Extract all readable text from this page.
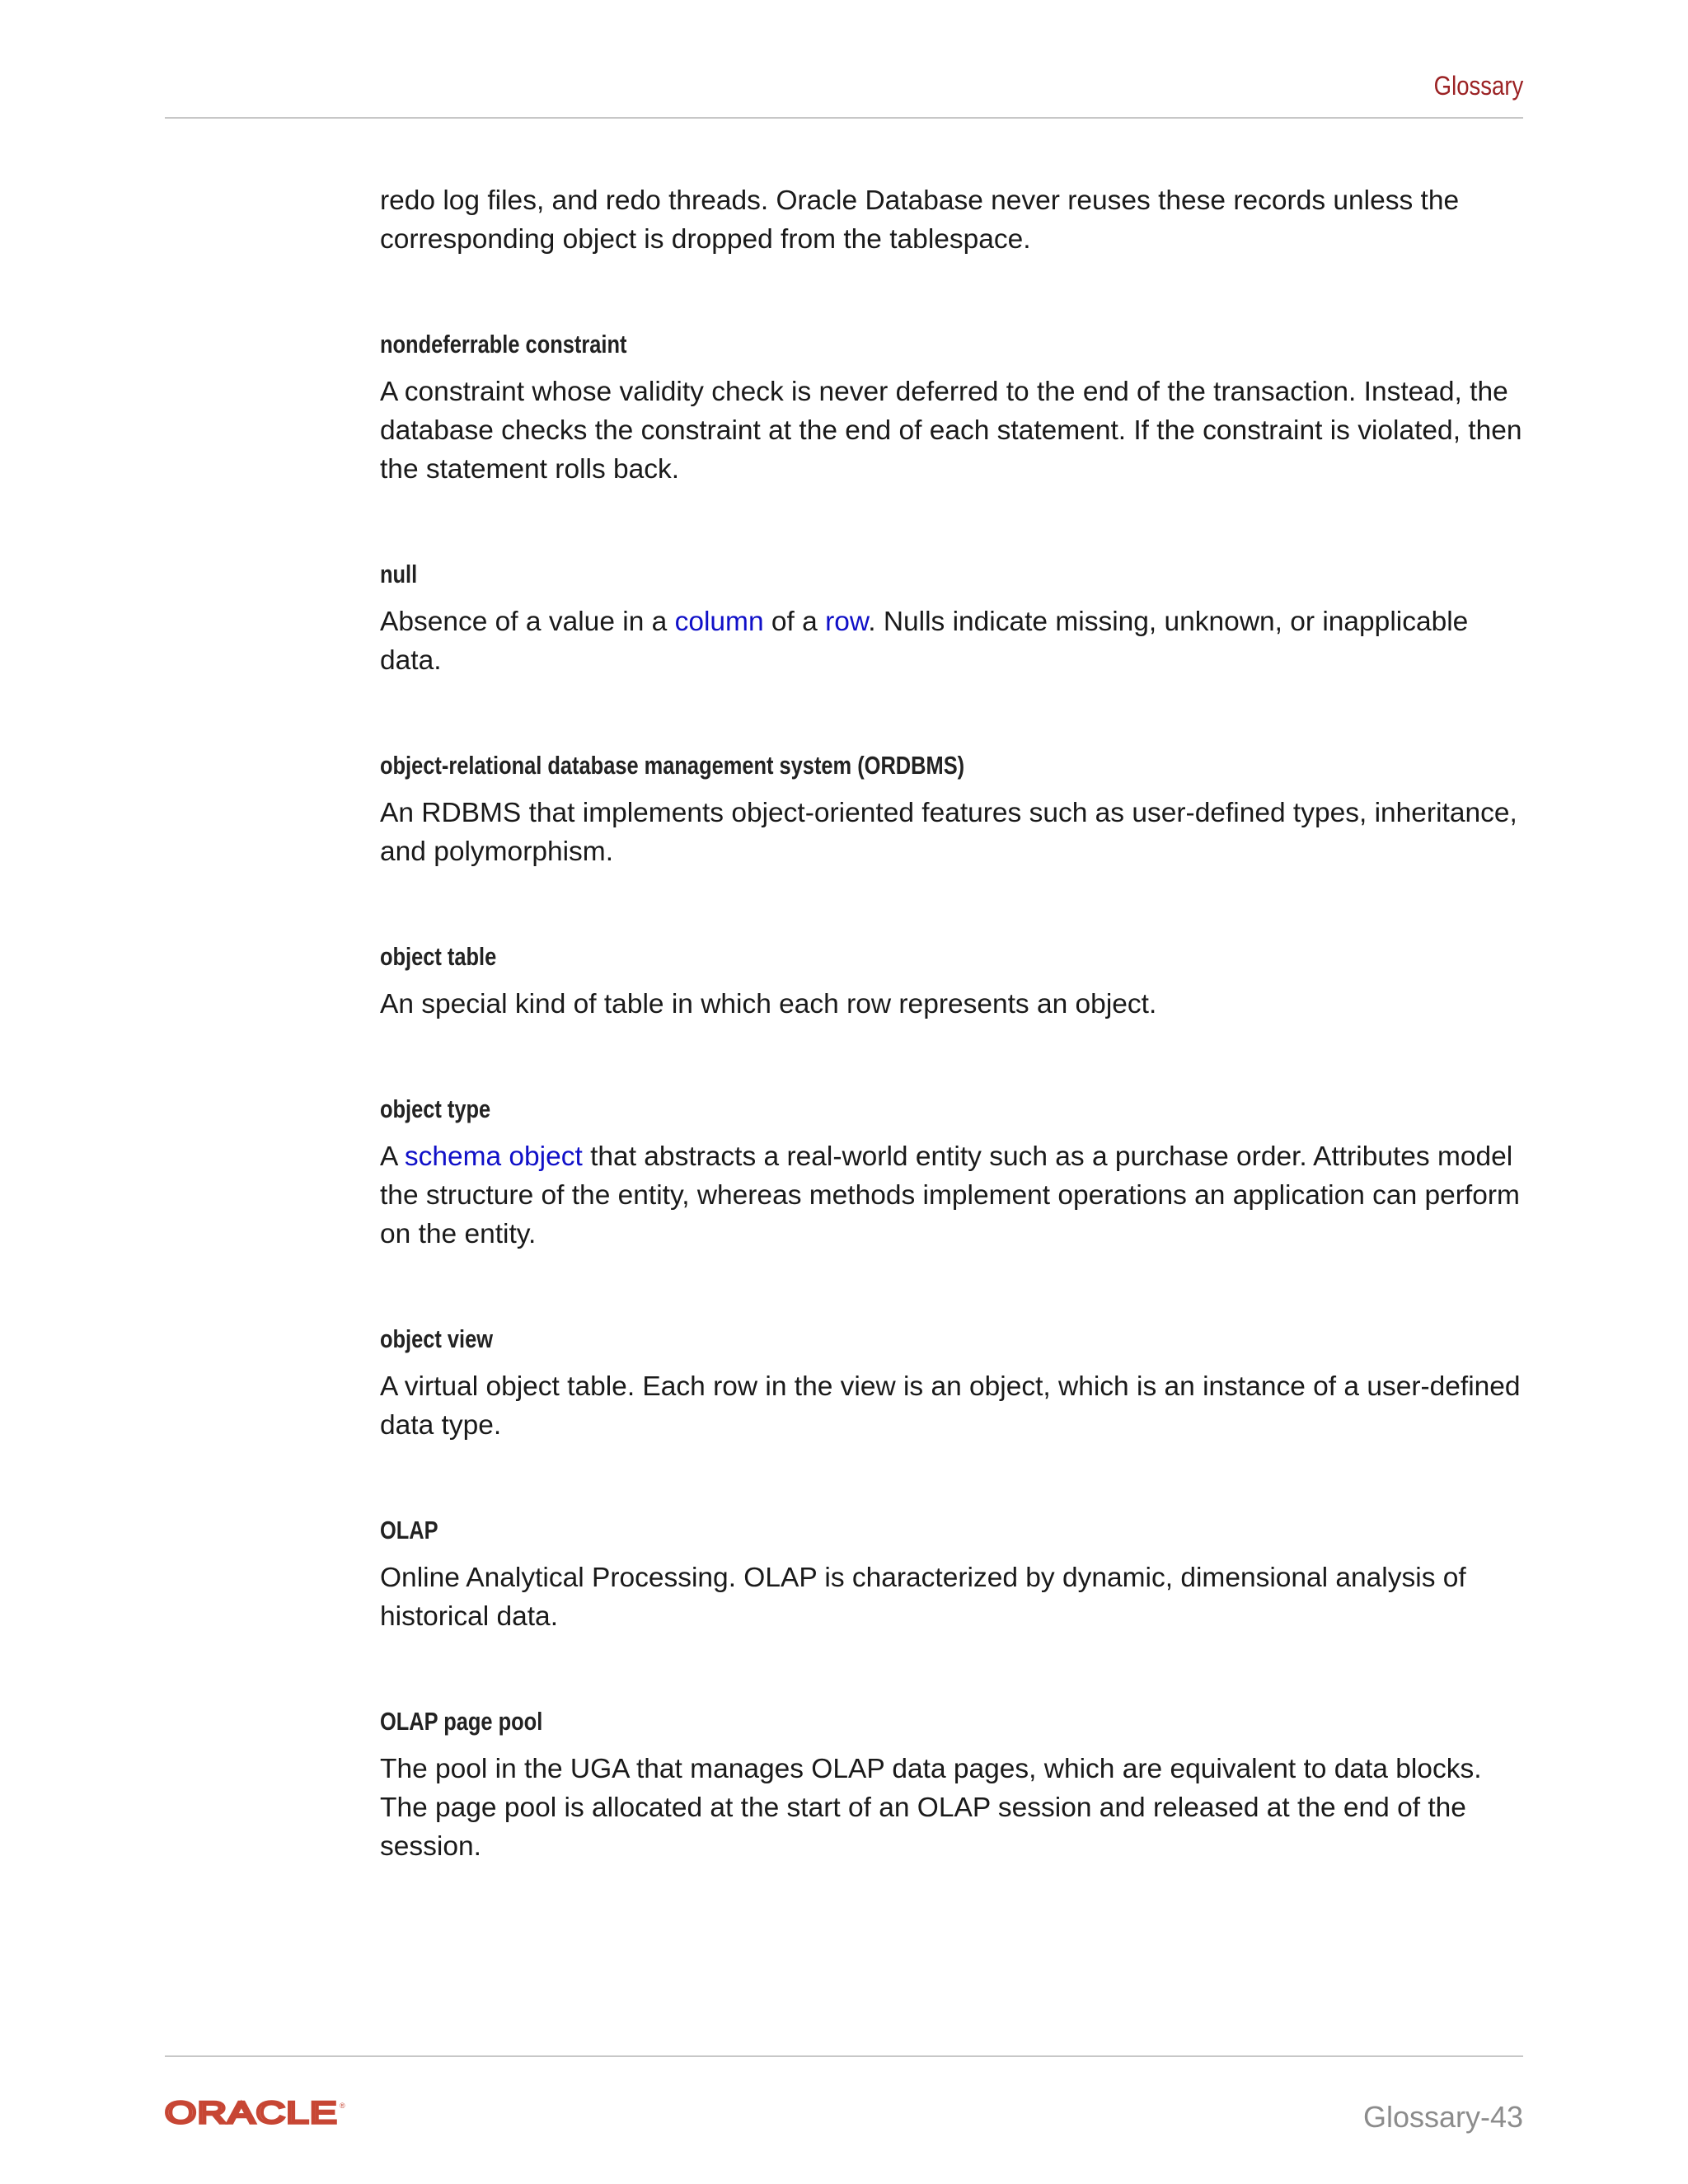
Glossary

redo log files, and redo threads. Oracle Database never reuses these records unless the corresponding object is dropped from the tablespace.

nondeferrable constraint

A constraint whose validity check is never deferred to the end of the transaction. Instead, the database checks the constraint at the end of each statement. If the constraint is violated, then the statement rolls back.

null

Absence of a value in a column of a row. Nulls indicate missing, unknown, or inapplicable data.

object-relational database management system (ORDBMS)

An RDBMS that implements object-oriented features such as user-defined types, inheritance, and polymorphism.

object table

An special kind of table in which each row represents an object.

object type

A schema object that abstracts a real-world entity such as a purchase order. Attributes model the structure of the entity, whereas methods implement operations an application can perform on the entity.

object view

A virtual object table. Each row in the view is an object, which is an instance of a user-defined data type.

OLAP

Online Analytical Processing. OLAP is characterized by dynamic, dimensional analysis of historical data.

OLAP page pool

The pool in the UGA that manages OLAP data pages, which are equivalent to data blocks. The page pool is allocated at the start of an OLAP session and released at the end of the session.

ORACLE ®	Glossary-43
